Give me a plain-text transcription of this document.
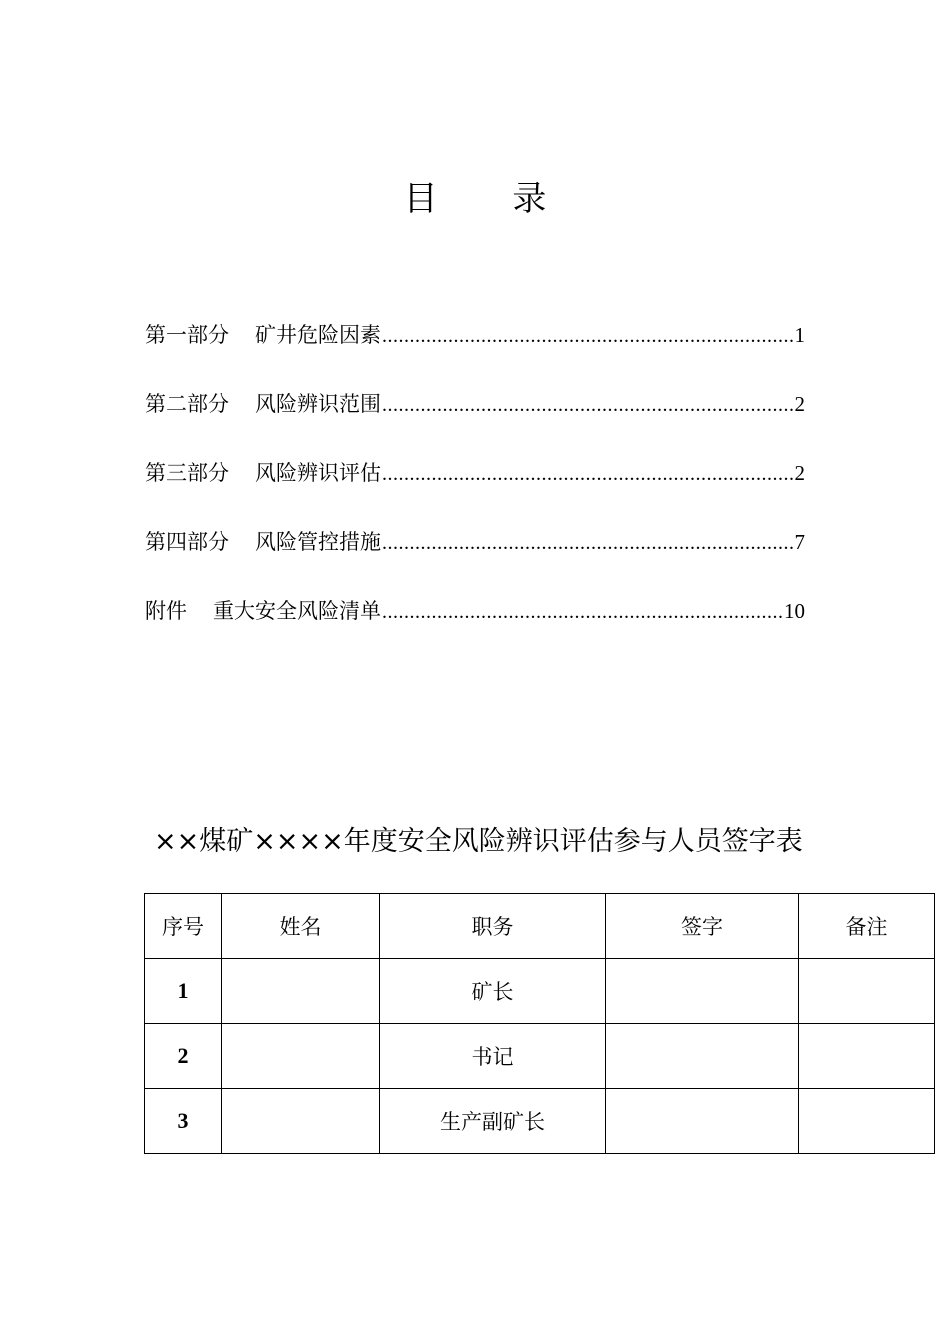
目 录
第一部分 矿井危险因素 .....	1
第二部分 风险辨识范围 .....	2
第三部分 风险辨识评估 .....	2
第四部分 风险管控措施 .....	7
附件 重大安全风险清单 .....	10
××煤矿××××年度安全风险辨识评估参与人员签字表
序号	姓名	职务	签字	备注
1		矿长		
2		书记		
3		生产副矿长		
